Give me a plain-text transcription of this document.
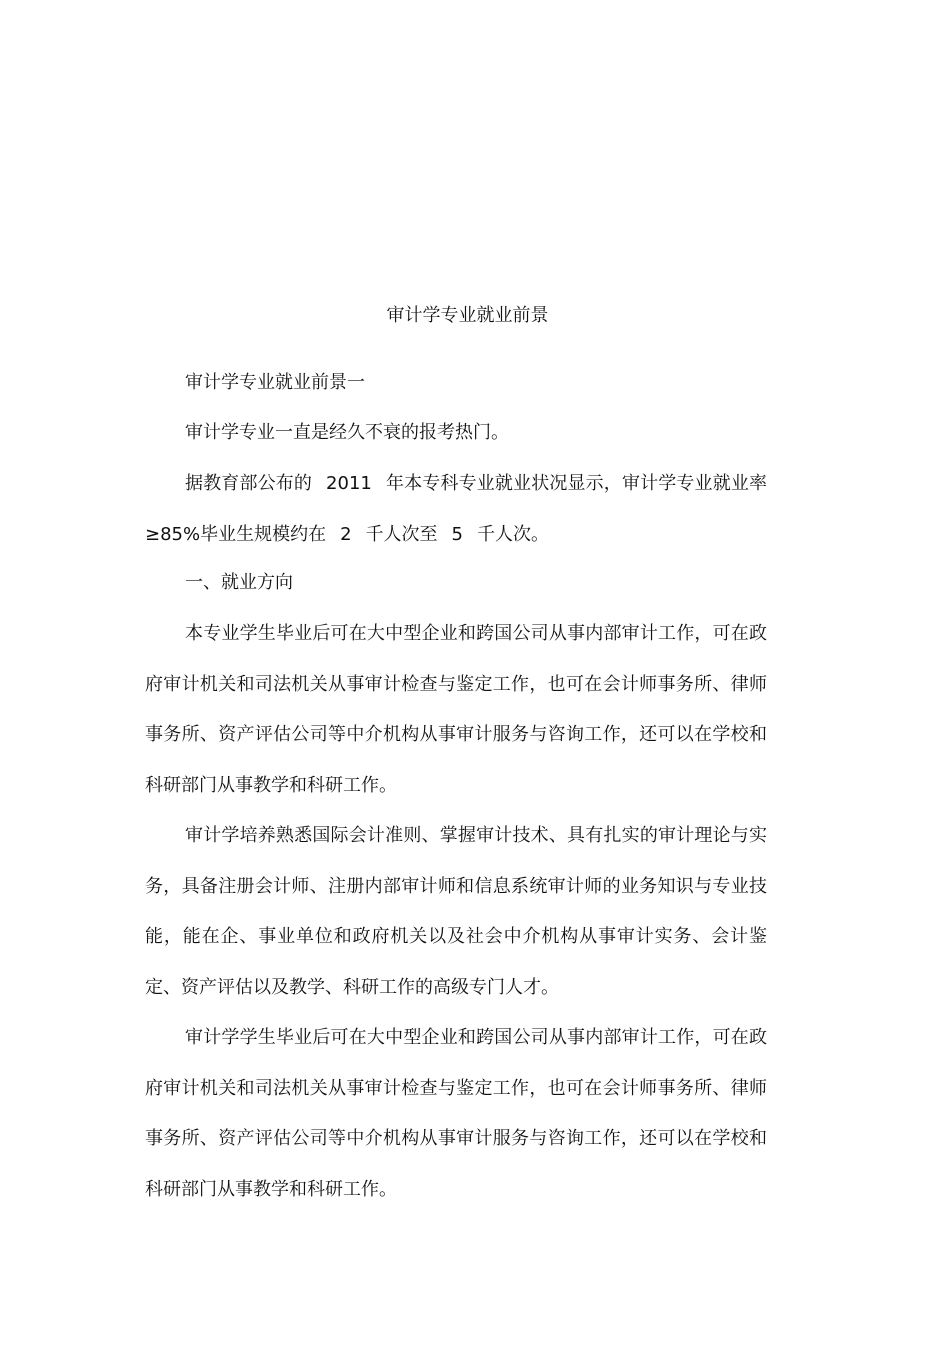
审计学专业就业前景

审计学专业就业前景一

审计学专业一直是经久不衰的报考热门。

据教育部公布的 2011 年本专科专业就业状况显示，审计学专业就业率≥85%毕业生规模约在 2 千人次至 5 千人次。

一、就业方向

本专业学生毕业后可在大中型企业和跨国公司从事内部审计工作，可在政府审计机关和司法机关从事审计检查与鉴定工作，也可在会计师事务所、律师事务所、资产评估公司等中介机构从事审计服务与咨询工作，还可以在学校和科研部门从事教学和科研工作。

审计学培养熟悉国际会计准则、掌握审计技术、具有扎实的审计理论与实务，具备注册会计师、注册内部审计师和信息系统审计师的业务知识与专业技能，能在企、事业单位和政府机关以及社会中介机构从事审计实务、会计鉴定、资产评估以及教学、科研工作的高级专门人才。

审计学学生毕业后可在大中型企业和跨国公司从事内部审计工作，可在政府审计机关和司法机关从事审计检查与鉴定工作，也可在会计师事务所、律师事务所、资产评估公司等中介机构从事审计服务与咨询工作，还可以在学校和科研部门从事教学和科研工作。
